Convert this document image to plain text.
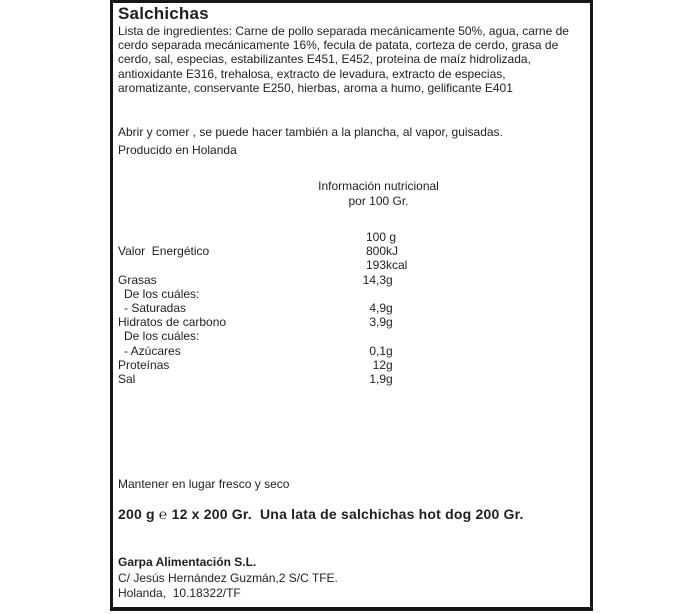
Salchichas
Lista de ingredientes: Carne de pollo separada mecánicamente 50%, agua, carne de cerdo separada mecánicamente 16%, fecula de patata, corteza de cerdo, grasa de cerdo, sal, especias, estabilizantes E451, E452, proteína de maíz hidrolizada, antioxidante E316, trehalosa, extracto de levadura, extracto de especias, aromatizante, conservante E250, hierbas, aroma a humo, gelificante E401
Abrir y comer , se puede hacer también a la plancha, al vapor, guisadas.
Producido en Holanda
Información nutricional
por 100 Gr.
100 g
Valor  Energético	800 kJ
193 kcal
Grasas	14,3 g
De los cuáles:
- Saturadas	4,9 g
Hidratos de carbono	3,9 g
De los cuáles:
- Azúcares	0,1 g
Proteínas	12 g
Sal	1,9 g
Mantener en lugar fresco y seco
200 g ℮ 12 x 200 Gr.  Una lata de salchichas hot dog 200 Gr.
Garpa Alimentación S.L.
C/ Jesús Hernández Guzmán,2 S/C TFE.
Holanda,  10.18322/TF
